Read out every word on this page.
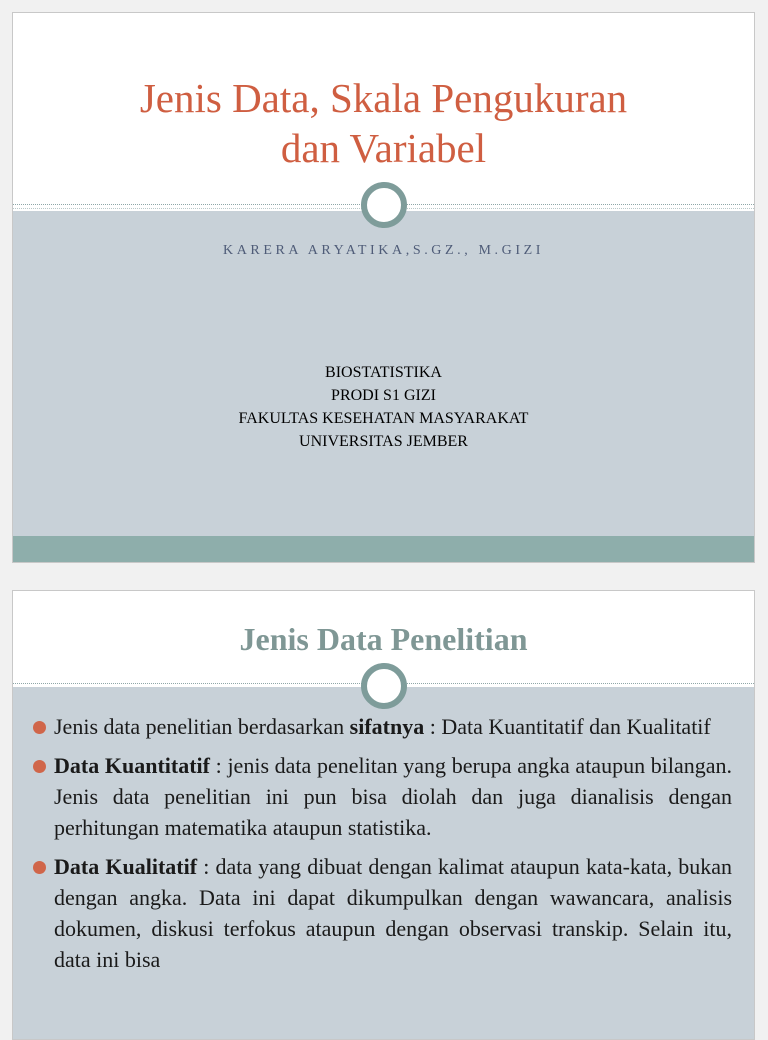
Jenis Data, Skala Pengukuran
dan Variabel
KARERA ARYATIKA,S.GZ., M.GIZI
BIOSTATISTIKA
PRODI S1 GIZI
FAKULTAS KESEHATAN MASYARAKAT
UNIVERSITAS JEMBER
Jenis Data Penelitian
Jenis data penelitian berdasarkan sifatnya : Data Kuantitatif dan Kualitatif
Data Kuantitatif : jenis data penelitan yang berupa angka ataupun bilangan. Jenis data penelitian ini pun bisa diolah dan juga dianalisis dengan perhitungan matematika ataupun statistika.
Data Kualitatif : data yang dibuat dengan kalimat ataupun kata-kata, bukan dengan angka. Data ini dapat dikumpulkan dengan wawancara, analisis dokumen, diskusi terfokus ataupun dengan observasi transkip. Selain itu, data ini bisa
